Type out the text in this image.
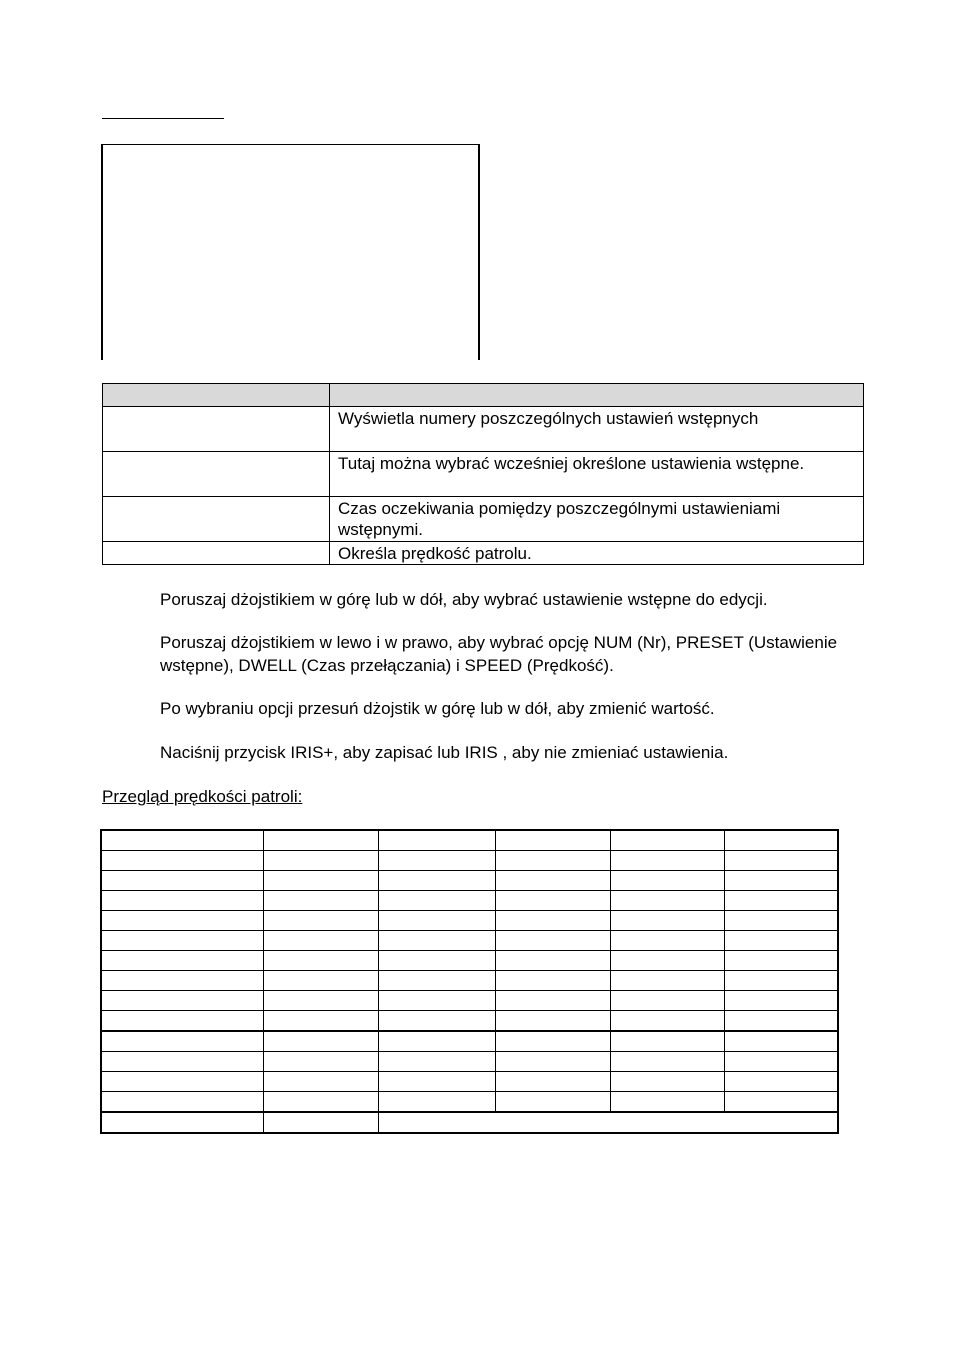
	Wyświetla numery poszczególnych ustawień wstępnych
	Tutaj można wybrać wcześniej określone ustawienia wstępne.
	Czas oczekiwania pomiędzy poszczególnymi ustawieniami wstępnymi.
	Określa prędkość patrolu.
Poruszaj dżojstikiem w górę lub w dół, aby wybrać ustawienie wstępne do edycji.
Poruszaj dżojstikiem w lewo i w prawo, aby wybrać opcję NUM (Nr), PRESET (Ustawienie wstępne), DWELL (Czas przełączania) i SPEED (Prędkość).
Po wybraniu opcji przesuń dżojstik w górę lub w dół, aby zmienić wartość.
Naciśnij przycisk IRIS+, aby zapisać lub IRIS , aby nie zmieniać ustawienia.
Przegląd prędkości patroli:
